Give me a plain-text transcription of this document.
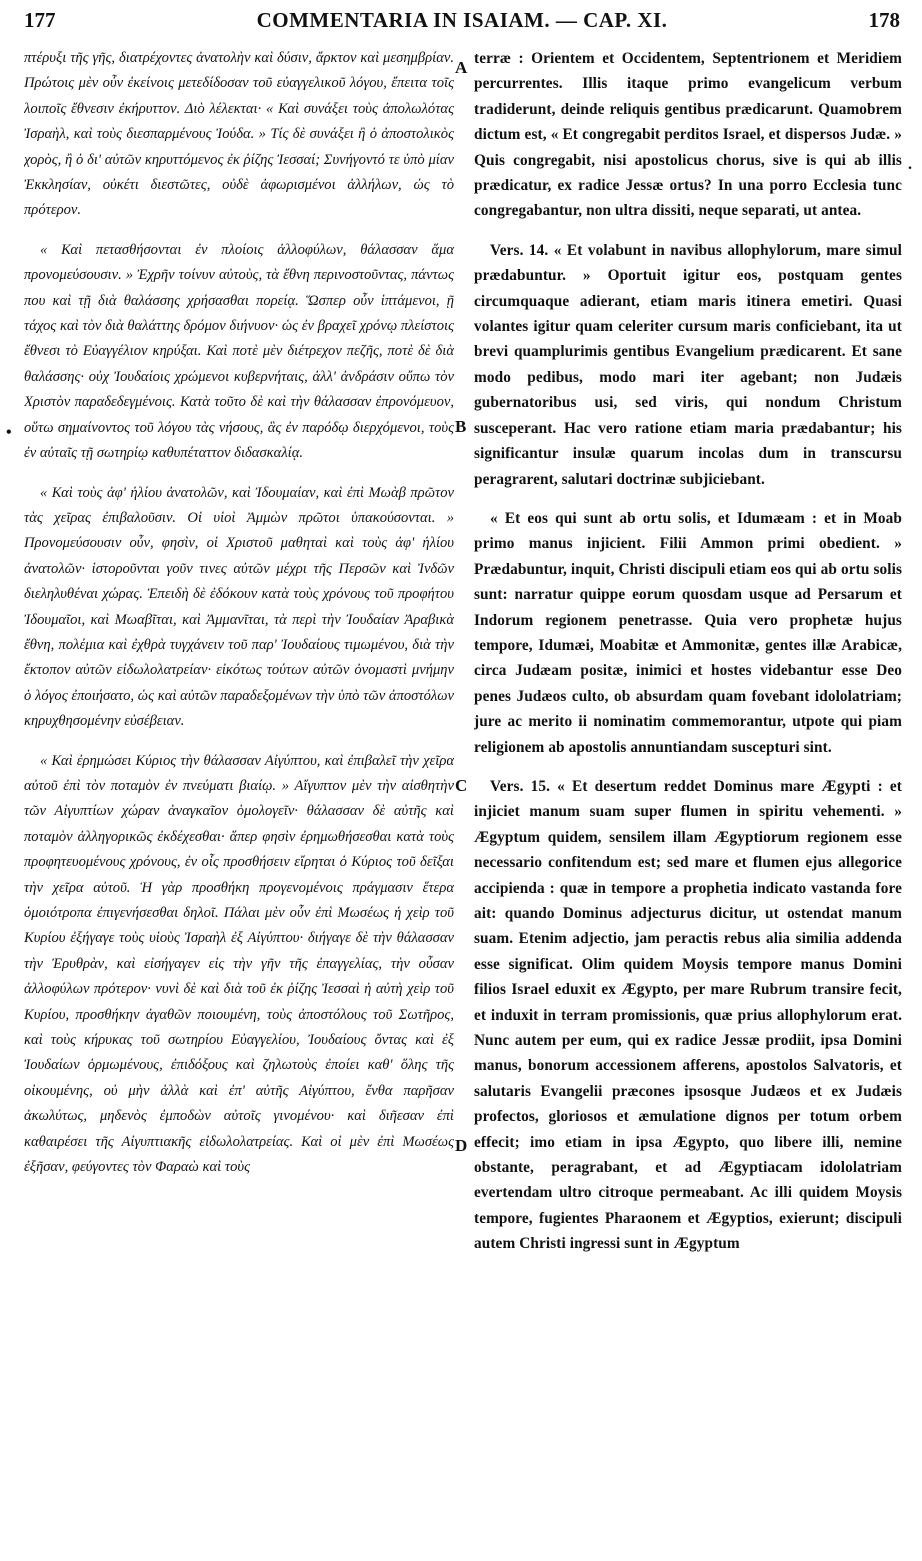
177	COMMENTARIA IN ISAIAM. — CAP. XI.	178

πτέρυξι τῆς γῆς, διατρέχοντες ἀνατολὴν καὶ δύσιν, ἄρκτον καὶ μεσημβρίαν. Πρώτοις μὲν οὖν ἐκείνοις μετεδίδοσαν τοῦ εὐαγγελικοῦ λόγου, ἔπειτα τοῖς λοιποῖς ἔθνεσιν ἐκήρυττον. Διὸ λέλεκται· « Καὶ συνάξει τοὺς ἀπολωλότας Ἰσραὴλ, καὶ τοὺς διεσπαρμένους Ἰούδα. » Τίς δὲ συνάξει ἢ ὁ ἀποστολικὸς χορὸς, ἢ ὁ δι' αὐτῶν κηρυττόμενος ἐκ ῥίζης Ἰεσσαί; Συνήγοντό τε ὑπὸ μίαν Ἐκκλησίαν, οὐκέτι διεστῶτες, οὐδὲ ἀφωρισμένοι ἀλλήλων, ὡς τὸ πρότερον.

« Καὶ πετασθήσονται ἐν πλοίοις ἀλλοφύλων, θάλασσαν ἅμα προνομεύσουσιν. » Ἐχρῆν τοίνυν αὐτοὺς, τὰ ἔθνη περινοστοῦντας, πάντως που καὶ τῇ διὰ θαλάσσης χρήσασθαι πορείᾳ. Ὥσπερ οὖν ἱπτάμενοι, ῇ τάχος καὶ τὸν διὰ θαλάττης δρόμον διήνυον· ὡς ἐν βραχεῖ χρόνῳ πλείστοις ἔθνεσι τὸ Εὐαγγέλιον κηρύξαι. Καὶ ποτὲ μὲν διέτρεχον πεζῆς, ποτὲ δὲ διὰ θαλάσσης· οὐχ Ἰουδαίοις χρώμενοι κυβερνήταις, ἀλλ' ἀνδράσιν οὔπω τὸν Χριστὸν παραδεδεγμένοις. Κατὰ τοῦτο δὲ καὶ τὴν θάλασσαν ἐπρονόμευον, οὕτω σημαίνοντος τοῦ λόγου τὰς νήσους, ἃς ἐν παρόδῳ διερχόμενοι, τοὺς ἐν αὐταῖς τῇ σωτηρίῳ καθυπέταττον διδασκαλίᾳ.

« Καὶ τοὺς ἀφ' ἡλίου ἀνατολῶν, καὶ Ἰδουμαίαν, καὶ ἐπὶ Μωὰβ πρῶτον τὰς χεῖρας ἐπιβαλοῦσιν. Οἱ υἱοὶ Ἀμμὼν πρῶτοι ὑπακούσονται. » Προνομεύσουσιν οὖν, φησὶν, οἱ Χριστοῦ μαθηταὶ καὶ τοὺς ἀφ' ἡλίου ἀνατολῶν· ἱστοροῦνται γοῦν τινες αὐτῶν μέχρι τῆς Περσῶν καὶ Ἰνδῶν διεληλυθέναι χώρας. Ἐπειδὴ δὲ ἐδόκουν κατὰ τοὺς χρόνους τοῦ προφήτου Ἰδουμαῖοι, καὶ Μωαβῖται, καὶ Ἀμμανῖται, τὰ περὶ τὴν Ἰουδαίαν Ἀραβικὰ ἔθνη, πολέμια καὶ ἐχθρὰ τυγχάνειν τοῦ παρ' Ἰουδαίους τιμωμένου, διὰ τὴν ἔκτοπον αὐτῶν εἰδωλολατρείαν· εἰκότως τούτων αὐτῶν ὀνομαστὶ μνήμην ὁ λόγος ἐποιήσατο, ὡς καὶ αὐτῶν παραδεξομένων τὴν ὑπὸ τῶν ἀποστόλων κηρυχθησομένην εὐσέβειαν.

« Καὶ ἐρημώσει Κύριος τὴν θάλασσαν Αἰγύπτου, καὶ ἐπιβαλεῖ τὴν χεῖρα αὐτοῦ ἐπὶ τὸν ποταμὸν ἐν πνεύματι βιαίῳ. » Αἴγυπτον μὲν τὴν αἰσθητὴν τῶν Αἰγυπτίων χώραν ἀναγκαῖον ὁμολογεῖν· θάλασσαν δὲ αὐτῆς καὶ ποταμὸν ἀλληγορικῶς ἐκδέχεσθαι· ἅπερ φησὶν ἐρημωθήσεσθαι κατὰ τοὺς προφητευομένους χρόνους, ἐν οἷς προσθήσειν εἴρηται ὁ Κύριος τοῦ δεῖξαι τὴν χεῖρα αὐτοῦ. Ἡ γὰρ προσθήκη προγενομένοις πράγμασιν ἕτερα ὁμοιότροπα ἐπιγενήσεσθαι δηλοῖ. Πάλαι μὲν οὖν ἐπὶ Μωσέως ἡ χεὶρ τοῦ Κυρίου ἐξήγαγε τοὺς υἱοὺς Ἰσραὴλ ἐξ Αἰγύπτου· διήγαγε δὲ τὴν θάλασσαν τὴν Ἐρυθρὰν, καὶ εἰσήγαγεν εἰς τὴν γῆν τῆς ἐπαγγελίας, τὴν οὖσαν ἀλλοφύλων πρότερον· νυνὶ δὲ καὶ διὰ τοῦ ἐκ ῥίζης Ἰεσσαὶ ἡ αὐτὴ χεὶρ τοῦ Κυρίου, προσθήκην ἀγαθῶν ποιουμένη, τοὺς ἀποστόλους τοῦ Σωτῆρος, καὶ τοὺς κήρυκας τοῦ σωτηρίου Εὐαγγελίου, Ἰουδαίους ὄντας καὶ ἐξ Ἰουδαίων ὁρμωμένους, ἐπιδόξους καὶ ζηλωτοὺς ἐποίει καθ' ὅλης τῆς οἰκουμένης, οὐ μὴν ἀλλὰ καὶ ἐπ' αὐτῆς Αἰγύπτου, ἔνθα παρῆσαν ἀκωλύτως, μηδενὸς ἐμποδὼν αὐτοῖς γινομένου· καὶ διῆεσαν ἐπὶ καθαιρέσει τῆς Αἰγυπτιακῆς εἰδωλολατρείας. Καὶ οἱ μὲν ἐπὶ Μωσέως ἐξῆσαν, φεύγοντες τὸν Φαραὼ καὶ τοὺς

A
B
C
D
•
.

terræ : Orientem et Occidentem, Septentrionem et Meridiem percurrentes. Illis itaque primo evangelicum verbum tradiderunt, deinde reliquis gentibus prædicarunt. Quamobrem dictum est, « Et congregabit perditos Israel, et dispersos Judæ. » Quis congregabit, nisi apostolicus chorus, sive is qui ab illis prædicatur, ex radice Jessæ ortus? In una porro Ecclesia tunc congregabantur, non ultra dissiti, neque separati, ut antea.

Vers. 14. « Et volabunt in navibus allophylorum, mare simul prædabuntur. » Oportuit igitur eos, postquam gentes circumquaque adierant, etiam maris itinera emetiri. Quasi volantes igitur quam celeriter cursum maris conficiebant, ita ut brevi quamplurimis gentibus Evangelium prædicarent. Et sane modo pedibus, modo mari iter agebant; non Judæis gubernatoribus usi, sed viris, qui nondum Christum susceperant. Hac vero ratione etiam maria prædabantur; his significantur insulæ quarum incolas dum in transcursu peragrarent, salutari doctrinæ subjiciebant.

« Et eos qui sunt ab ortu solis, et Idumæam : et in Moab primo manus injicient. Filii Ammon primi obedient. » Prædabuntur, inquit, Christi discipuli etiam eos qui ab ortu solis sunt: narratur quippe eorum quosdam usque ad Persarum et Indorum regionem penetrasse. Quia vero prophetæ hujus tempore, Idumæi, Moabitæ et Ammonitæ, gentes illæ Arabicæ, circa Judæam positæ, inimici et hostes videbantur esse Deo penes Judæos culto, ob absurdam quam fovebant idololatriam; jure ac merito ii nominatim commemorantur, utpote qui piam religionem ab apostolis annuntiandam suscepturi sint.

Vers. 15. « Et desertum reddet Dominus mare Ægypti : et injiciet manum suam super flumen in spiritu vehementi. » Ægyptum quidem, sensilem illam Ægyptiorum regionem esse necessario confitendum est; sed mare et flumen ejus allegorice accipienda : quæ in tempore a prophetia indicato vastanda fore ait: quando Dominus adjecturus dicitur, ut ostendat manum suam. Etenim adjectio, jam peractis rebus alia similia addenda esse significat. Olim quidem Moysis tempore manus Domini filios Israel eduxit ex Ægypto, per mare Rubrum transire fecit, et induxit in terram promissionis, quæ prius allophylorum erat. Nunc autem per eum, qui ex radice Jessæ prodiit, ipsa Domini manus, bonorum accessionem afferens, apostolos Salvatoris, et salutaris Evangelii præcones ipsosque Judæos et ex Judæis profectos, gloriosos et æmulatione dignos per totum orbem effecit; imo etiam in ipsa Ægypto, quo libere illi, nemine obstante, peragrabant, et ad Ægyptiacam idololatriam evertendam ultro citroque permeabant. Ac illi quidem Moysis tempore, fugientes Pharaonem et Ægyptios, exierunt; discipuli autem Christi ingressi sunt in Ægyptum
